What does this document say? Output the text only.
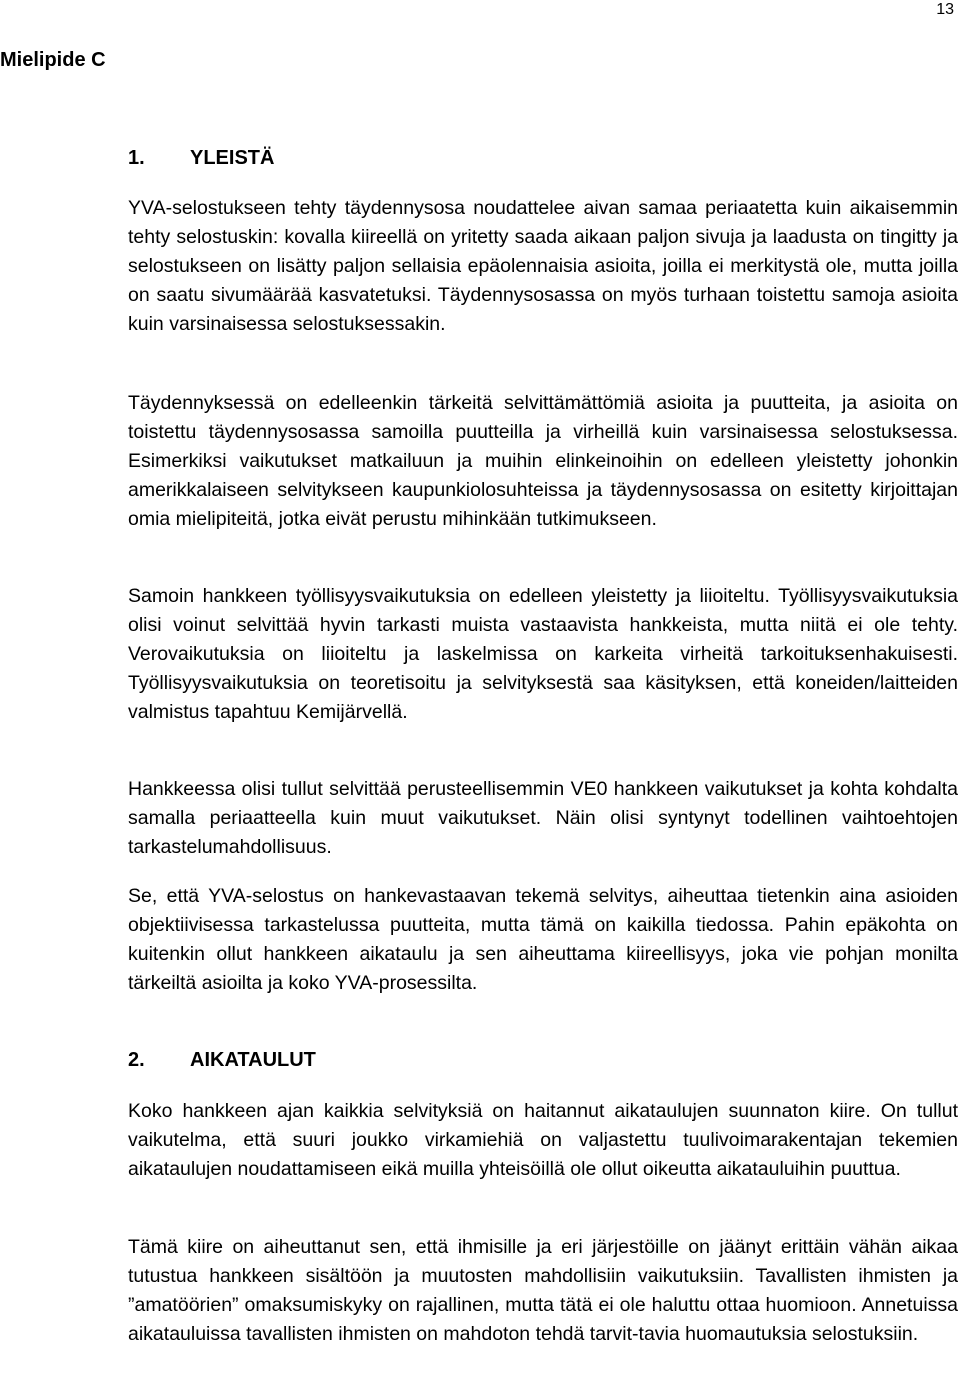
13
Mielipide C
1. YLEISTÄ

YVA-selostukseen tehty täydennysosa noudattelee aivan samaa periaatetta kuin aikaisemmin tehty selostuskin: kovalla kiireellä on yritetty saada aikaan paljon sivuja ja laadusta on tingitty ja selostukseen on lisätty paljon sellaisia epäolennaisia asioita, joilla ei merkitystä ole, mutta joilla on saatu sivumäärää kasvatetuksi. Täydennysosassa on myös turhaan toistettu samoja asioita kuin varsinaisessa selostuksessakin.

Täydennyksessä on edelleenkin tärkeitä selvittämättömiä asioita ja puutteita, ja asioita on toistettu täydennysosassa samoilla puutteilla ja virheillä kuin varsinaisessa selostuksessa. Esimerkiksi vaikutukset matkailuun ja muihin elinkeinoihin on edelleen yleistetty johonkin amerikkalaiseen selvitykseen kaupunkiolosuhteissa ja täydennysosassa on esitetty kirjoittajan omia mielipiteitä, jotka eivät perustu mihinkään tutkimukseen.

Samoin hankkeen työllisyysvaikutuksia on edelleen yleistetty ja liioiteltu. Työllisyysvaikutuksia olisi voinut selvittää hyvin tarkasti muista vastaavista hankkeista, mutta niitä ei ole tehty. Verovaikutuksia on liioiteltu ja laskelmissa on karkeita virheitä tarkoituksenhakuisesti. Työllisyysvaikutuksia on teoretisoitu ja selvityksestä saa käsityksen, että koneiden/laitteiden valmistus tapahtuu Kemijärvellä.

Hankkeessa olisi tullut selvittää perusteellisemmin VE0 hankkeen vaikutukset ja kohta kohdalta samalla periaatteella kuin muut vaikutukset. Näin olisi syntynyt todellinen vaihtoehtojen tarkastelumahdollisuus.

Se, että YVA-selostus on hankevastaavan tekemä selvitys, aiheuttaa tietenkin aina asioiden objektiivisessa tarkastelussa puutteita, mutta tämä on kaikilla tiedossa. Pahin epäkohta on kuitenkin ollut hankkeen aikataulu ja sen aiheuttama kiireellisyys, joka vie pohjan monilta tärkeiltä asioilta ja koko YVA-prosessilta.

2. AIKATAULUT

Koko hankkeen ajan kaikkia selvityksiä on haitannut aikataulujen suunnaton kiire. On tullut vaikutelma, että suuri joukko virkamiehiä on valjastettu tuulivoimarakentajan tekemien aikataulujen noudattamiseen eikä muilla yhteisöillä ole ollut oikeutta aikatauluihin puuttua.

Tämä kiire on aiheuttanut sen, että ihmisille ja eri järjestöille on jäänyt erittäin vähän aikaa tutustua hankkeen sisältöön ja muutosten mahdollisiin vaikutuksiin. Tavallisten ihmisten ja ”amatöörien” omaksumiskyky on rajallinen, mutta tätä ei ole haluttu ottaa huomioon. Annetuissa aikatauluissa tavallisten ihmisten on mahdoton tehdä tarvit-tavia huomautuksia selostuksiin.
